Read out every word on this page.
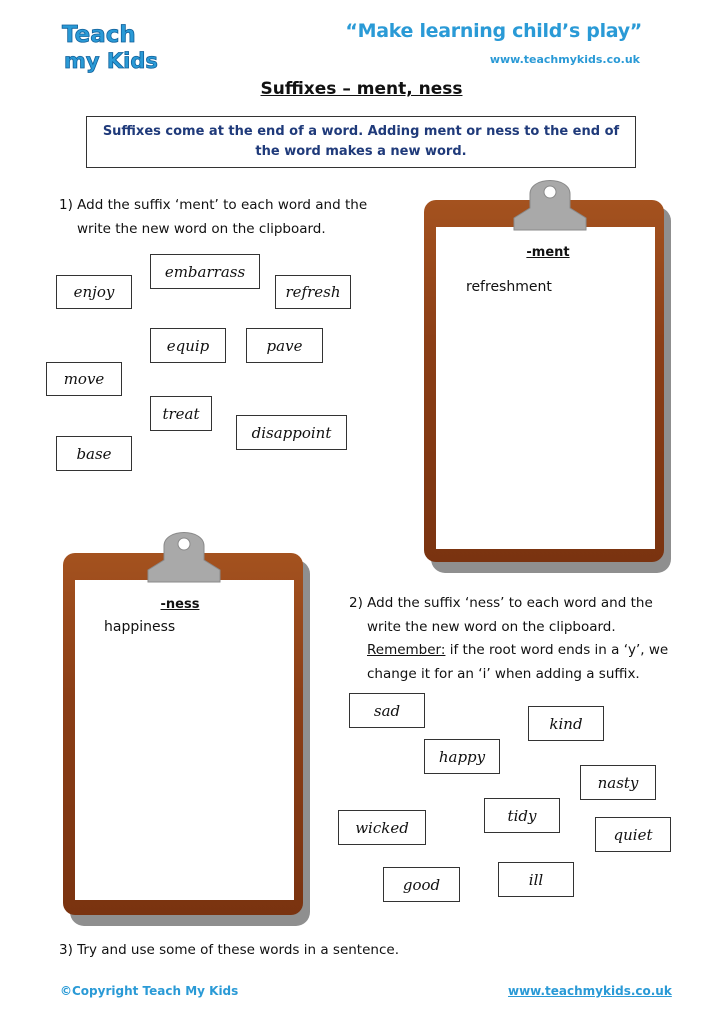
Teach
my Kids
“Make learning child’s play”
www.teachmykids.co.uk
Suffixes – ment, ness
Suffixes come at the end of a word. Adding ment or ness to the end of the word makes a new word.
1) Add the suffix ‘ment’ to each word and the
write the new word on the clipboard.
enjoy
embarrass
refresh
equip	pave
move
treat
disappoint
base
-ment
refreshment
-ness
happiness
2) Add the suffix ‘ness’ to each word and the
write the new word on the clipboard.
Remember: if the root word ends in a ‘y’, we
change it for an ‘i’ when adding a suffix.
sad
kind
happy
nasty
wicked
tidy
quiet
good	ill
3) Try and use some of these words in a sentence.
©Copyright Teach My Kids	www.teachmykids.co.uk
